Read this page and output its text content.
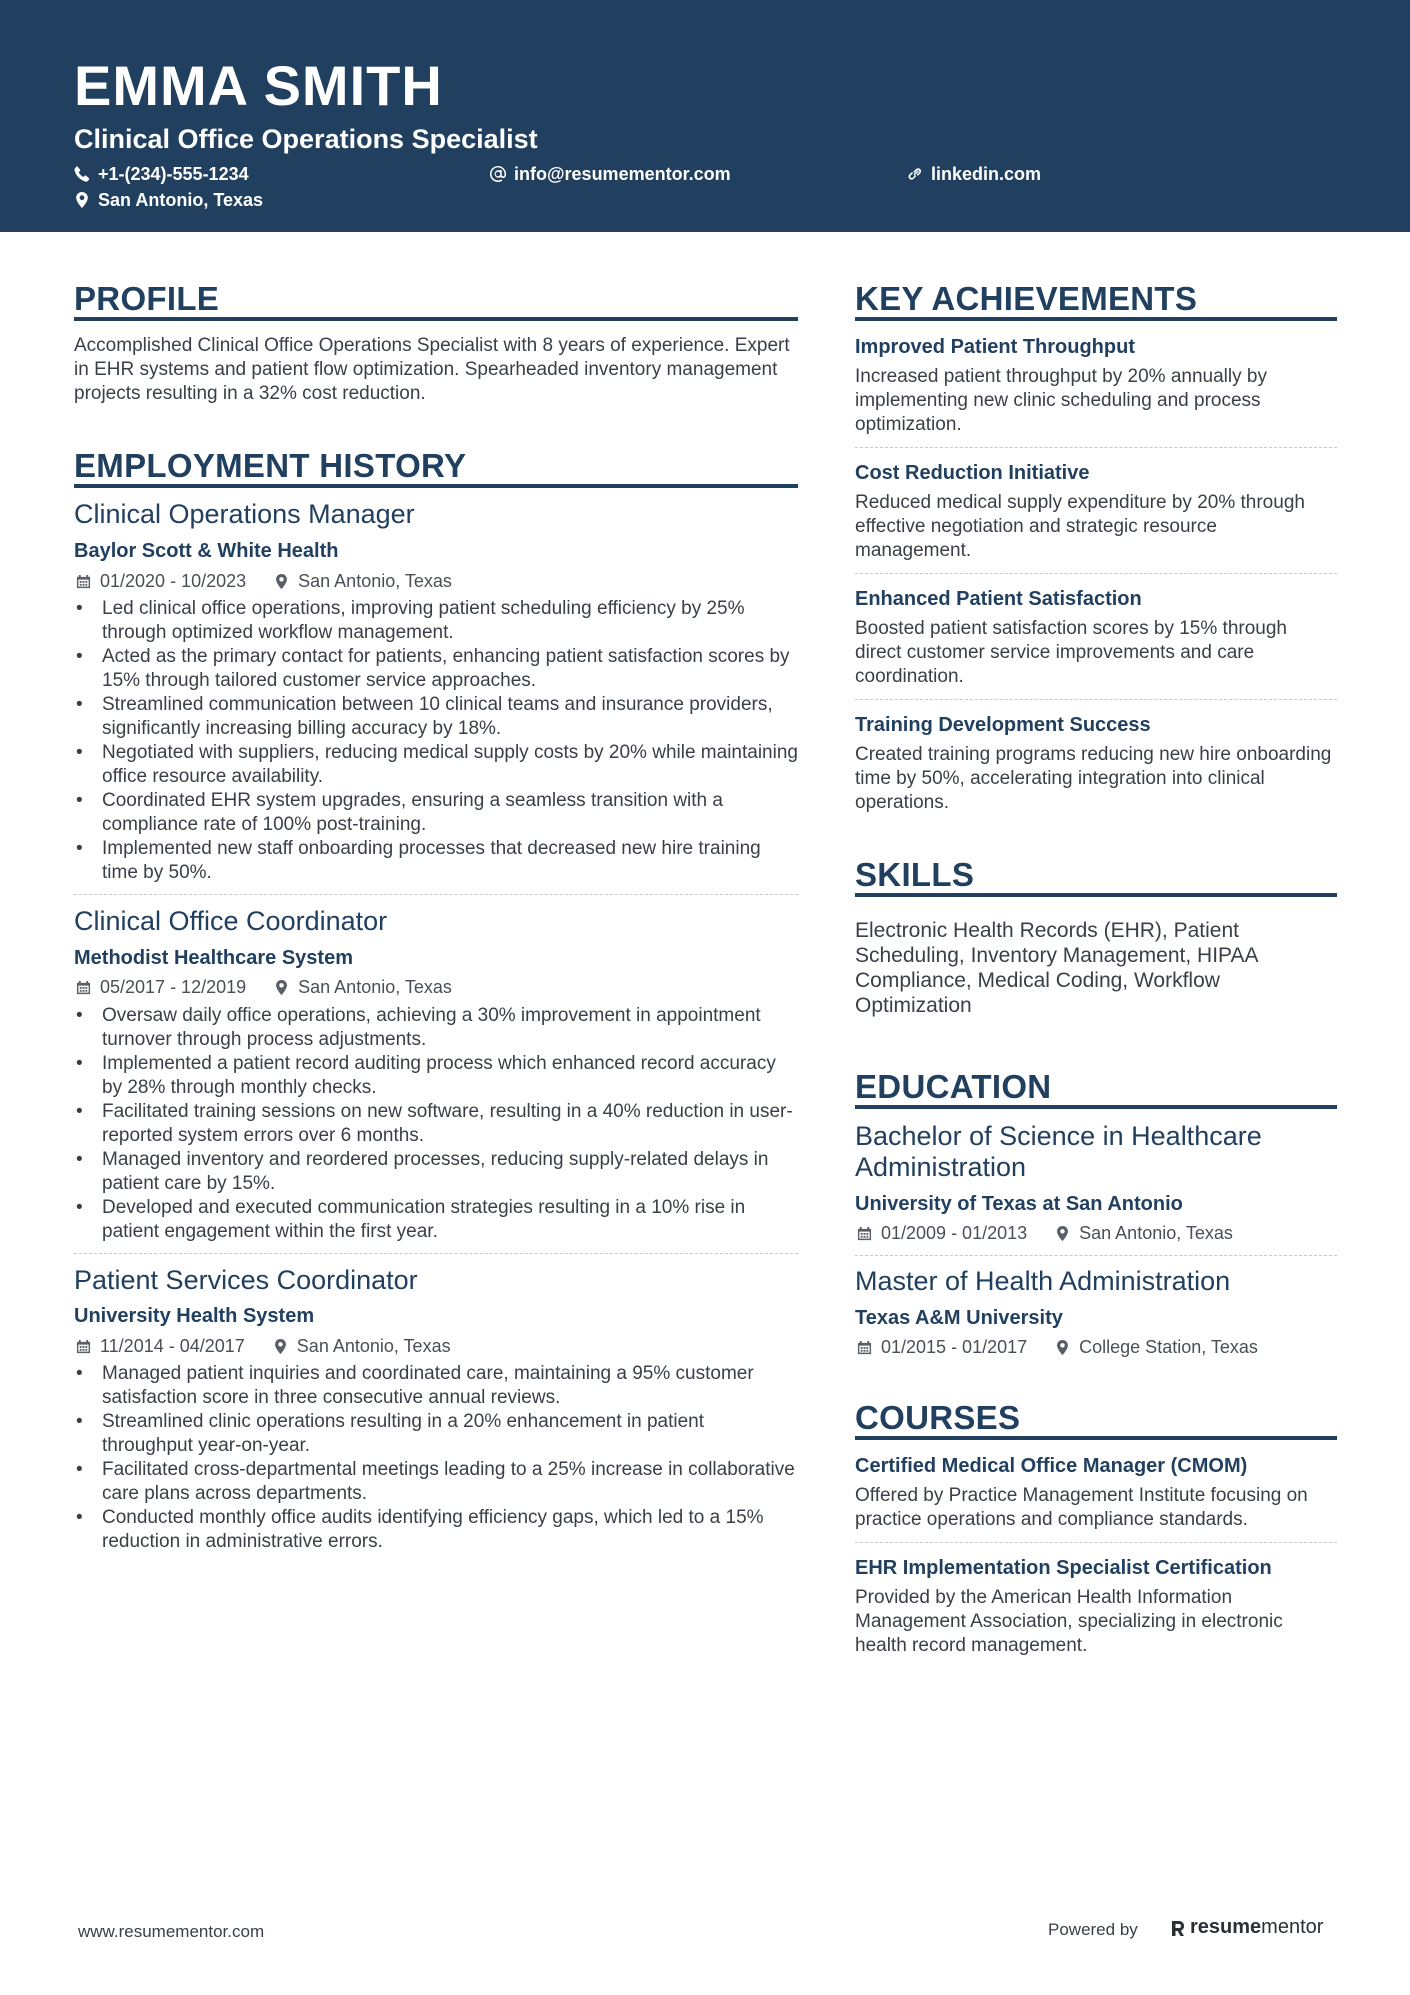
EMMA SMITH
Clinical Office Operations Specialist
+1-(234)-555-1234	info@resumementor.com	linkedin.com
San Antonio, Texas
PROFILE
Accomplished Clinical Office Operations Specialist with 8 years of experience. Expert in EHR systems and patient flow optimization. Spearheaded inventory management projects resulting in a 32% cost reduction.
EMPLOYMENT HISTORY
Clinical Operations Manager
Baylor Scott & White Health
01/2020 - 10/2023	San Antonio, Texas
• Led clinical office operations, improving patient scheduling efficiency by 25% through optimized workflow management.
• Acted as the primary contact for patients, enhancing patient satisfaction scores by 15% through tailored customer service approaches.
• Streamlined communication between 10 clinical teams and insurance providers, significantly increasing billing accuracy by 18%.
• Negotiated with suppliers, reducing medical supply costs by 20% while maintaining office resource availability.
• Coordinated EHR system upgrades, ensuring a seamless transition with a compliance rate of 100% post-training.
• Implemented new staff onboarding processes that decreased new hire training time by 50%.
Clinical Office Coordinator
Methodist Healthcare System
05/2017 - 12/2019	San Antonio, Texas
• Oversaw daily office operations, achieving a 30% improvement in appointment turnover through process adjustments.
• Implemented a patient record auditing process which enhanced record accuracy by 28% through monthly checks.
• Facilitated training sessions on new software, resulting in a 40% reduction in user-reported system errors over 6 months.
• Managed inventory and reordered processes, reducing supply-related delays in patient care by 15%.
• Developed and executed communication strategies resulting in a 10% rise in patient engagement within the first year.
Patient Services Coordinator
University Health System
11/2014 - 04/2017	San Antonio, Texas
• Managed patient inquiries and coordinated care, maintaining a 95% customer satisfaction score in three consecutive annual reviews.
• Streamlined clinic operations resulting in a 20% enhancement in patient throughput year-on-year.
• Facilitated cross-departmental meetings leading to a 25% increase in collaborative care plans across departments.
• Conducted monthly office audits identifying efficiency gaps, which led to a 15% reduction in administrative errors.
KEY ACHIEVEMENTS
Improved Patient Throughput
Increased patient throughput by 20% annually by implementing new clinic scheduling and process optimization.
Cost Reduction Initiative
Reduced medical supply expenditure by 20% through effective negotiation and strategic resource management.
Enhanced Patient Satisfaction
Boosted patient satisfaction scores by 15% through direct customer service improvements and care coordination.
Training Development Success
Created training programs reducing new hire onboarding time by 50%, accelerating integration into clinical operations.
SKILLS
Electronic Health Records (EHR), Patient Scheduling, Inventory Management, HIPAA Compliance, Medical Coding, Workflow Optimization
EDUCATION
Bachelor of Science in Healthcare Administration
University of Texas at San Antonio
01/2009 - 01/2013	San Antonio, Texas
Master of Health Administration
Texas A&M University
01/2015 - 01/2017	College Station, Texas
COURSES
Certified Medical Office Manager (CMOM)
Offered by Practice Management Institute focusing on practice operations and compliance standards.
EHR Implementation Specialist Certification
Provided by the American Health Information Management Association, specializing in electronic health record management.
www.resumementor.com	Powered by	resume mentor
